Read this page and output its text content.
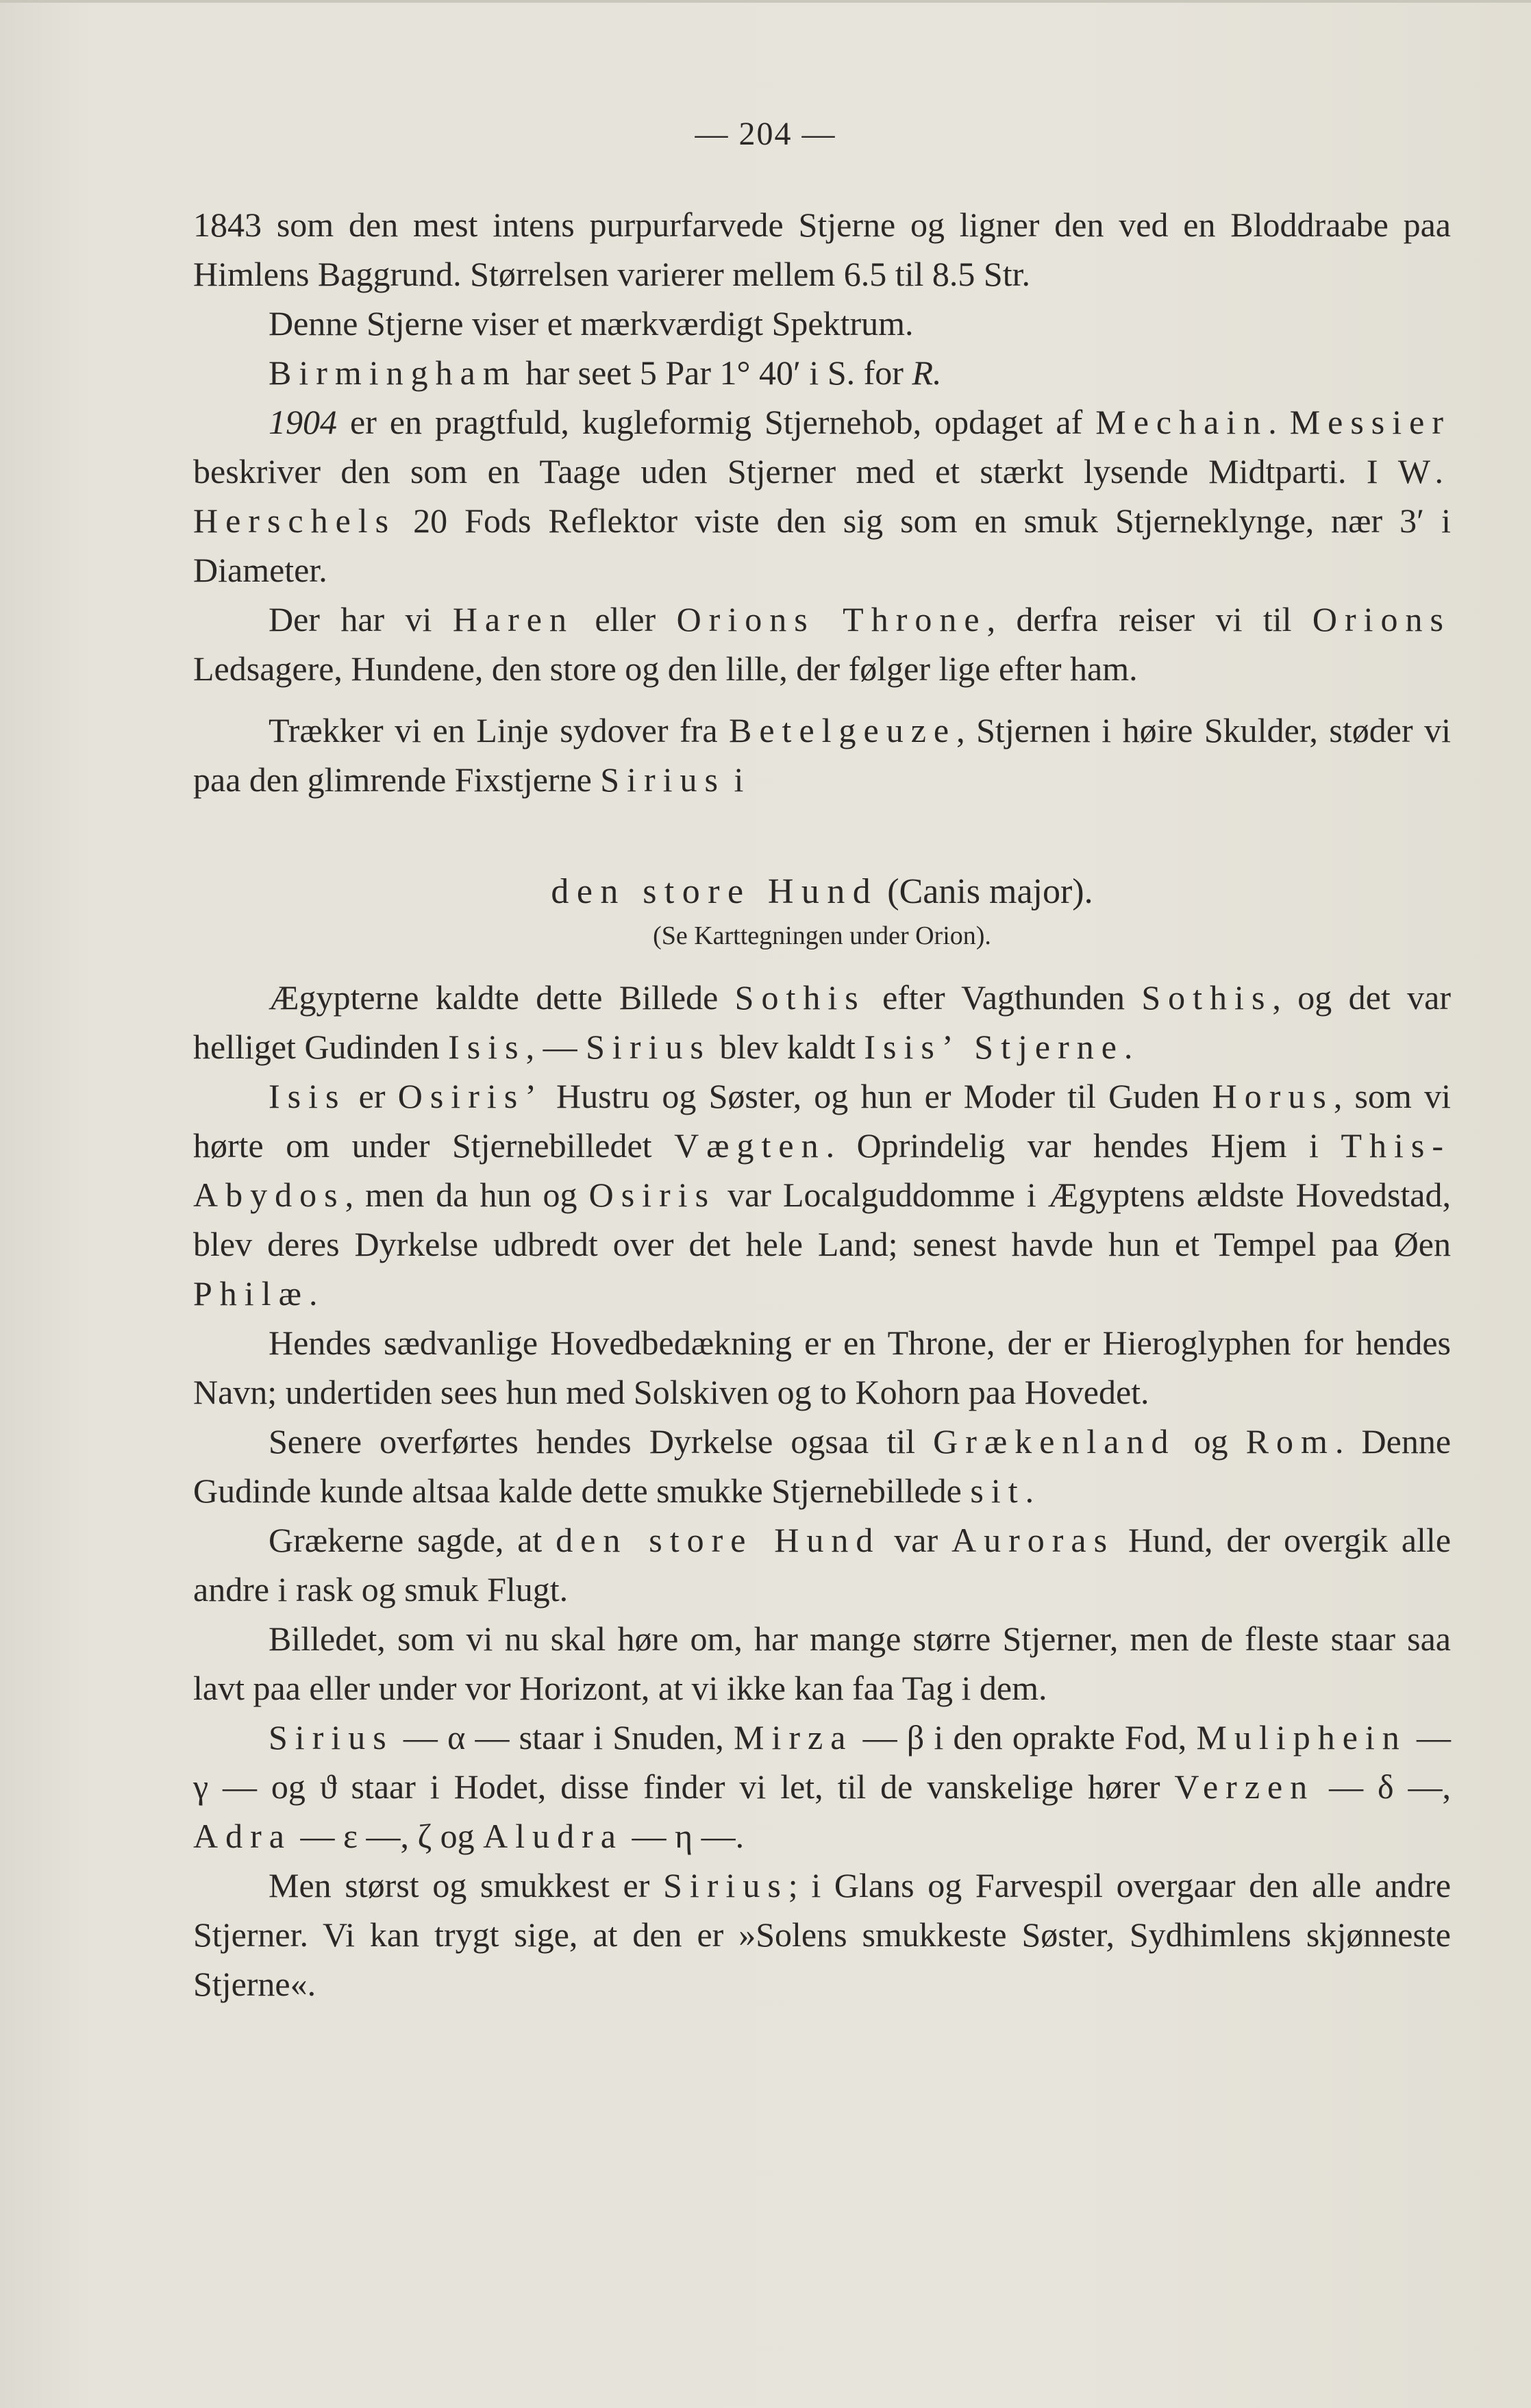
— 204 —

1843 som den mest intens purpurfarvede Stjerne og ligner den ved en Bloddraabe paa Himlens Baggrund. Størrelsen varierer mellem 6.5 til 8.5 Str.

Denne Stjerne viser et mærkværdigt Spektrum.

Birmingham har seet 5 Par 1° 40′ i S. for R.

1904 er en pragtfuld, kugleformig Stjernehob, opdaget af Mechain. Messier beskriver den som en Taage uden Stjerner med et stærkt lysende Midtparti. I W. Herschels 20 Fods Reflektor viste den sig som en smuk Stjerneklynge, nær 3′ i Diameter.

Der har vi Haren eller Orions Throne, derfra reiser vi til Orions Ledsagere, Hundene, den store og den lille, der følger lige efter ham.

Trækker vi en Linje sydover fra Betelgeuze, Stjernen i høire Skulder, støder vi paa den glimrende Fixstjerne Sirius i

den store Hund (Canis major).

(Se Karttegningen under Orion).

Ægypterne kaldte dette Billede Sothis efter Vagthunden Sothis, og det var helliget Gudinden Isis, — Sirius blev kaldt Isis’ Stjerne.

Isis er Osiris’ Hustru og Søster, og hun er Moder til Guden Horus, som vi hørte om under Stjernebilledet Vægten. Oprindelig var hendes Hjem i This-Abydos, men da hun og Osiris var Localguddomme i Ægyptens ældste Hovedstad, blev deres Dyrkelse udbredt over det hele Land; senest havde hun et Tempel paa Øen Philæ.

Hendes sædvanlige Hovedbedækning er en Throne, der er Hieroglyphen for hendes Navn; undertiden sees hun med Solskiven og to Kohorn paa Hovedet.

Senere overførtes hendes Dyrkelse ogsaa til Grækenland og Rom. Denne Gudinde kunde altsaa kalde dette smukke Stjernebillede sit.

Grækerne sagde, at den store Hund var Auroras Hund, der overgik alle andre i rask og smuk Flugt.

Billedet, som vi nu skal høre om, har mange større Stjerner, men de fleste staar saa lavt paa eller under vor Horizont, at vi ikke kan faa Tag i dem.

Sirius — α — staar i Snuden, Mirza — β i den oprakte Fod, Muliphein — γ — og ϑ staar i Hodet, disse finder vi let, til de vanskelige hører Verzen — δ —, Adra — ε —, ζ og Aludra — η —.

Men størst og smukkest er Sirius; i Glans og Farvespil overgaar den alle andre Stjerner. Vi kan trygt sige, at den er »Solens smukkeste Søster, Sydhimlens skjønneste Stjerne«.
